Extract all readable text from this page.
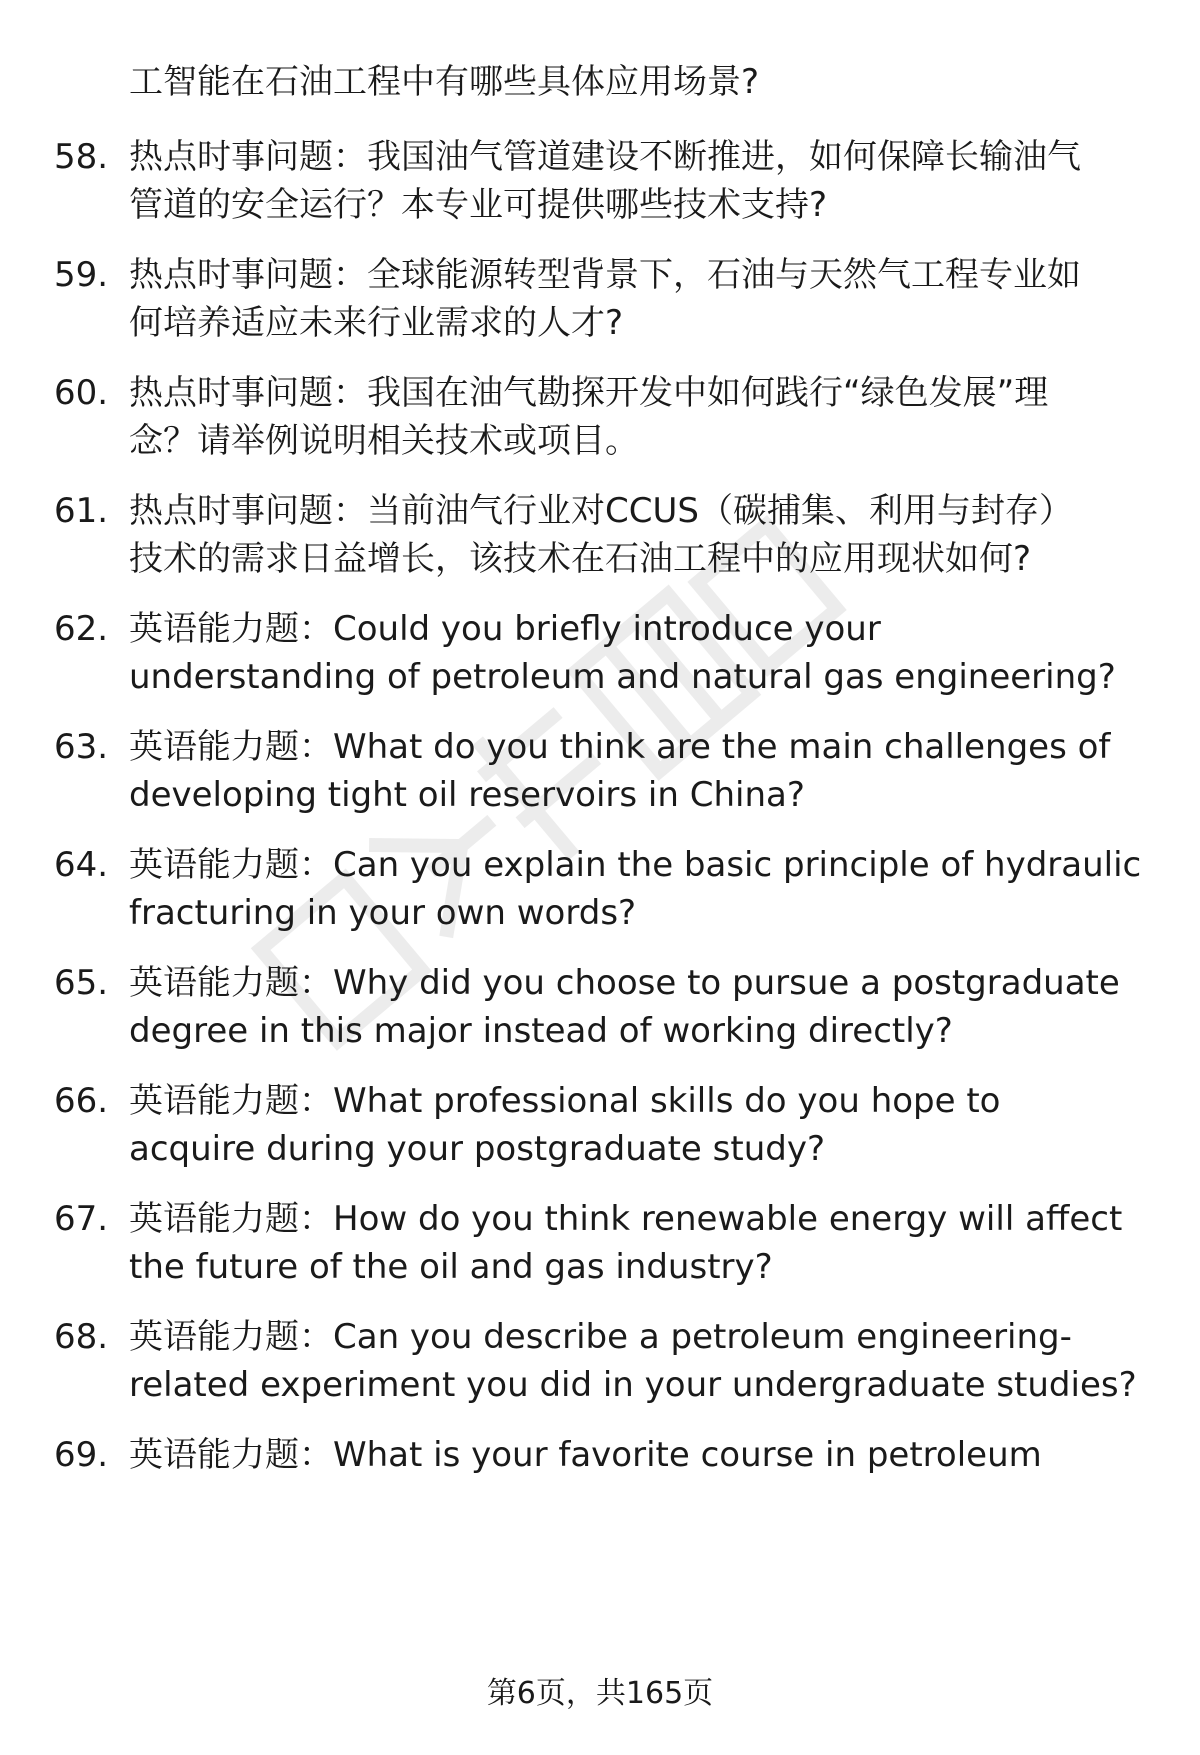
工智能在石油工程中有哪些具体应用场景?
58. 热点时事问题：我国油气管道建设不断推进，如何保障长输油气
管道的安全运行？本专业可提供哪些技术支持?
59. 热点时事问题：全球能源转型背景下，石油与天然气工程专业如
何培养适应未来行业需求的人才?
60. 热点时事问题：我国在油气勘探开发中如何践行“绿色发展”理
念？请举例说明相关技术或项目。
61. 热点时事问题：当前油气行业对CCUS（碳捕集、利用与封存）
技术的需求日益增长，该技术在石油工程中的应用现状如何?
62. 英语能力题：Could you briefly introduce your
understanding of petroleum and natural gas engineering?
63. 英语能力题：What do you think are the main challenges of
developing tight oil reservoirs in China?
64. 英语能力题：Can you explain the basic principle of hydraulic
fracturing in your own words?
65. 英语能力题：Why did you choose to pursue a postgraduate
degree in this major instead of working directly?
66. 英语能力题：What professional skills do you hope to
acquire during your postgraduate study?
67. 英语能力题：How do you think renewable energy will affect
the future of the oil and gas industry?
68. 英语能力题：Can you describe a petroleum engineering-
related experiment you did in your undergraduate studies?
69. 英语能力题：What is your favorite course in petroleum
第6页，共165页
